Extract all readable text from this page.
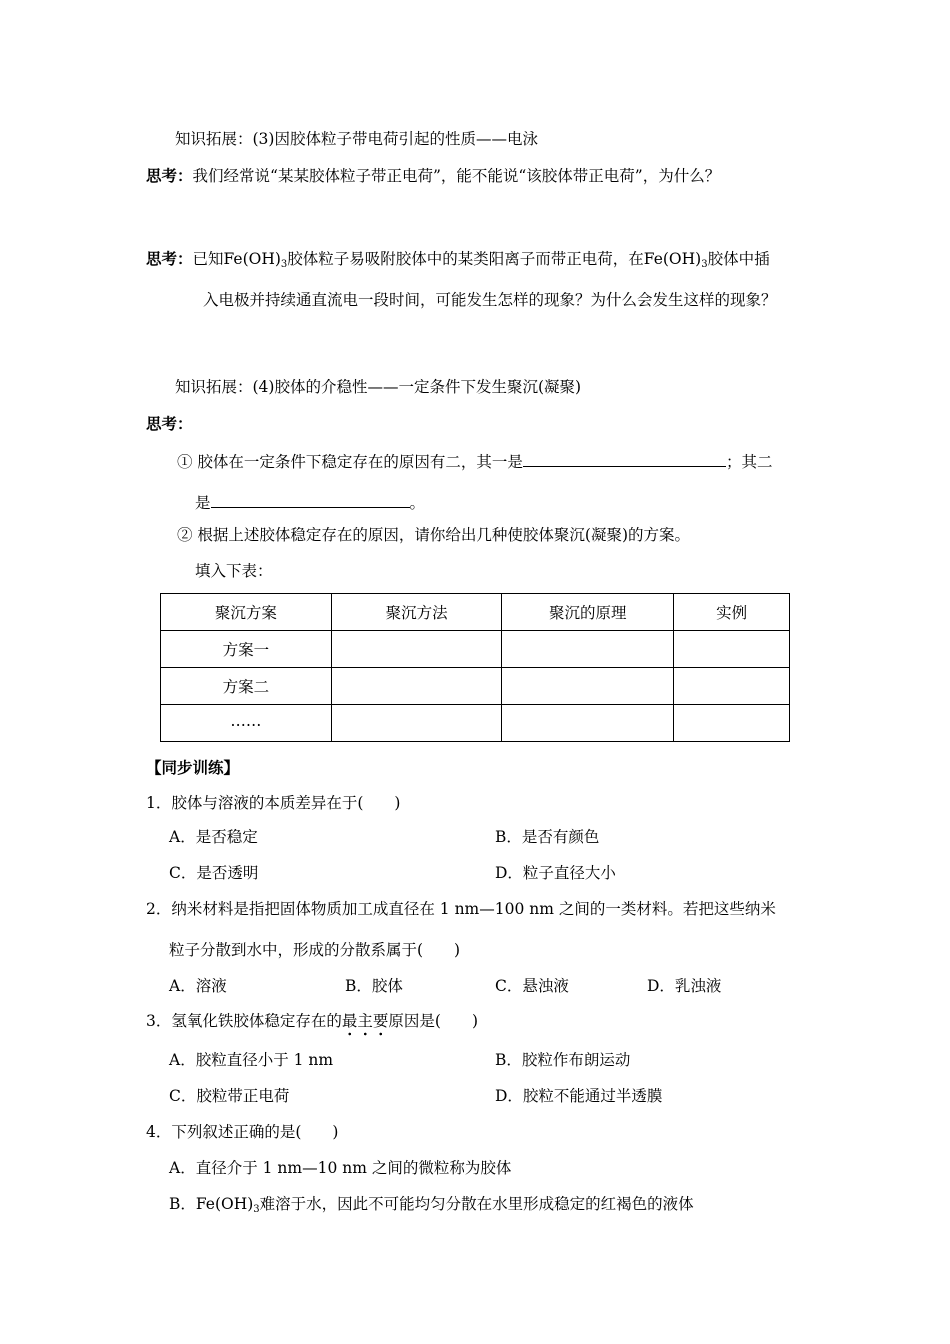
知识拓展：(3)因胶体粒子带电荷引起的性质——电泳
思考：我们经常说“某某胶体粒子带正电荷”，能不能说“该胶体带正电荷”，为什么？
思考：已知$Fe(OH)_3$胶体粒子易吸附胶体中的某类阳离子而带正电荷，在$Fe(OH)_3$胶体中插
入电极并持续通直流电一段时间，可能发生怎样的现象？为什么会发生这样的现象？
知识拓展：(4)胶体的介稳性——一定条件下发生聚沉(凝聚)
思考：
① 胶体在一定条件下稳定存在的原因有二，其一是	；其二
是	。
② 根据上述胶体稳定存在的原因，请你给出几种使胶体聚沉(凝聚)的方案。
填入下表：
聚沉方案	聚沉方法	聚沉的原理	实例
方案一			
方案二			
……			
【同步训练】
1．胶体与溶液的本质差异在于(　　)
A．是否稳定	B．是否有颜色
C．是否透明	D．粒子直径大小
2．纳米材料是指把固体物质加工成直径在 1 nm—100 nm 之间的一类材料。若把这些纳米
粒子分散到水中，形成的分散系属于(　　)
A．溶液	B．胶体	C．悬浊液	D．乳浊液
3．氢氧化铁胶体稳定存在的最主要原因是(　　)
A．胶粒直径小于 1 nm	B．胶粒作布朗运动
C．胶粒带正电荷	D．胶粒不能通过半透膜
4．下列叙述正确的是(　　)
A．直径介于 1 nm—10 nm 之间的微粒称为胶体
B．$Fe(OH)_3$难溶于水，因此不可能均匀分散在水里形成稳定的红褐色的液体
